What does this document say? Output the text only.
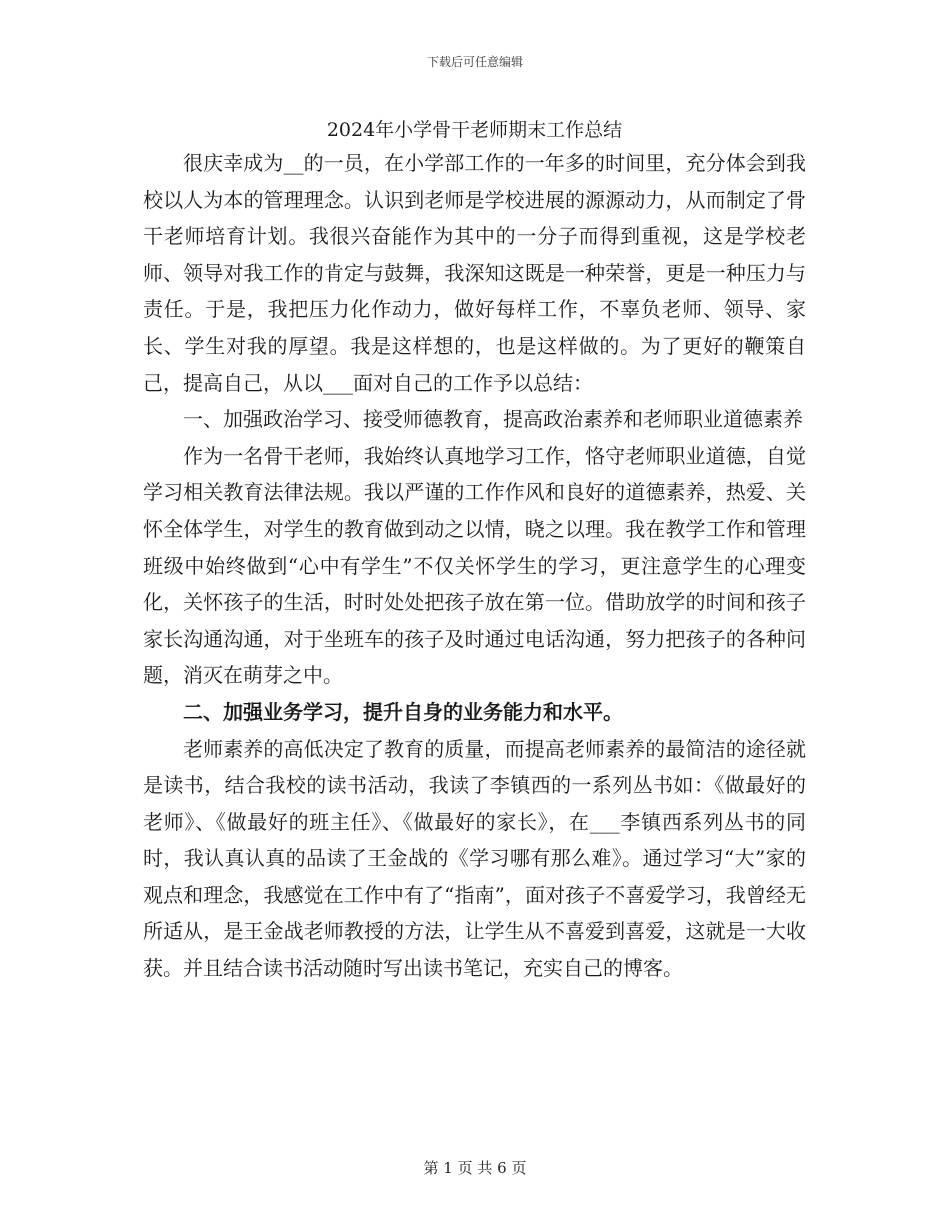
下载后可任意编辑
2024年小学骨干老师期末工作总结

很庆幸成为__的一员，在小学部工作的一年多的时间里，充分体会到我校以人为本的管理理念。认识到老师是学校进展的源源动力，从而制定了骨干老师培育计划。我很兴奋能作为其中的一分子而得到重视，这是学校老师、领导对我工作的肯定与鼓舞，我深知这既是一种荣誉，更是一种压力与责任。于是，我把压力化作动力，做好每样工作，不辜负老师、领导、家长、学生对我的厚望。我是这样想的，也是这样做的。为了更好的鞭策自己，提高自己，从以___面对自己的工作予以总结：

一、加强政治学习、接受师德教育，提高政治素养和老师职业道德素养

作为一名骨干老师，我始终认真地学习工作，恪守老师职业道德，自觉学习相关教育法律法规。我以严谨的工作作风和良好的道德素养，热爱、关怀全体学生，对学生的教育做到动之以情，晓之以理。我在教学工作和管理班级中始终做到“心中有学生”不仅关怀学生的学习，更注意学生的心理变化，关怀孩子的生活，时时处处把孩子放在第一位。借助放学的时间和孩子家长沟通沟通，对于坐班车的孩子及时通过电话沟通，努力把孩子的各种问题，消灭在萌芽之中。

二、加强业务学习，提升自身的业务能力和水平。

老师素养的高低决定了教育的质量，而提高老师素养的最简洁的途径就是读书，结合我校的读书活动，我读了李镇西的一系列丛书如：《做最好的老师》、《做最好的班主任》、《做最好的家长》，在___李镇西系列丛书的同时，我认真认真的品读了王金战的《学习哪有那么难》。通过学习“大”家的观点和理念，我感觉在工作中有了“指南”，面对孩子不喜爱学习，我曾经无所适从，是王金战老师教授的方法，让学生从不喜爱到喜爱，这就是一大收获。并且结合读书活动随时写出读书笔记，充实自己的博客。

第 1 页 共 6 页
